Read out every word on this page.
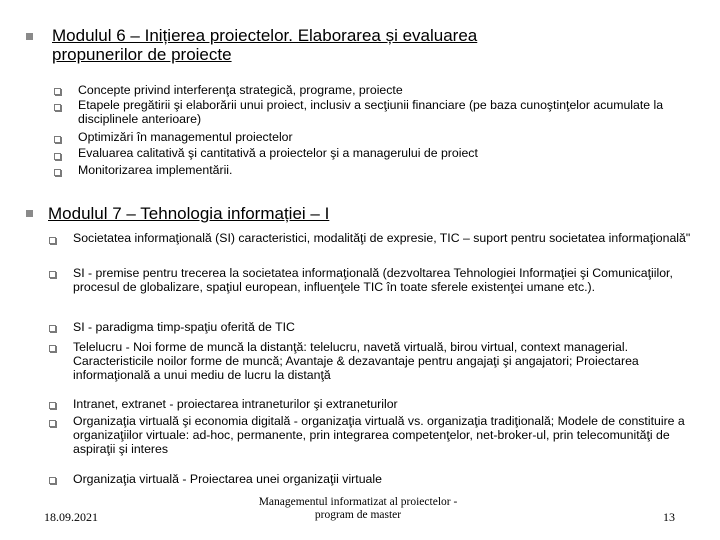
Modulul 6 – Inițierea proiectelor. Elaborarea și evaluarea
propunerilor de proiecte
Concepte privind interferenţa strategică, programe, proiecte
Etapele pregătirii şi elaborării unui proiect, inclusiv a secţiunii financiare (pe baza cunoştinţelor acumulate la disciplinele anterioare)
Optimizări în managementul proiectelor
Evaluarea calitativă şi cantitativă a proiectelor şi a managerului de proiect
Monitorizarea implementării.
Modulul 7 – Tehnologia informației – I
Societatea informaţională (SI) caracteristici, modalităţi de expresie, TIC – suport pentru societatea informaţională"
SI - premise pentru trecerea la societatea informaţională (dezvoltarea Tehnologiei Informaţiei şi Comunicaţiilor, procesul de globalizare, spaţiul european, influenţele TIC în toate sferele existenţei umane etc.).
SI - paradigma timp-spaţiu oferită de TIC
Telelucru - Noi forme de muncă la distanţă: telelucru, navetă virtuală, birou virtual, context managerial. Caracteristicile noilor forme de muncă; Avantaje & dezavantaje pentru angajaţi şi angajatori; Proiectarea informaţională a unui mediu de lucru la distanţă
Intranet, extranet - proiectarea intraneturilor şi extraneturilor
Organizaţia virtuală şi economia digitală - organizaţia virtuală vs. organizaţia tradiţională; Modele de constituire a organizaţiilor virtuale: ad-hoc, permanente, prin integrarea competenţelor, net-broker-ul, prin telecomunităţi de aspiraţii şi interes
Organizaţia virtuală - Proiectarea unei organizaţii virtuale
18.09.2021
Managementul informatizat al proiectelor -
program de master	13
